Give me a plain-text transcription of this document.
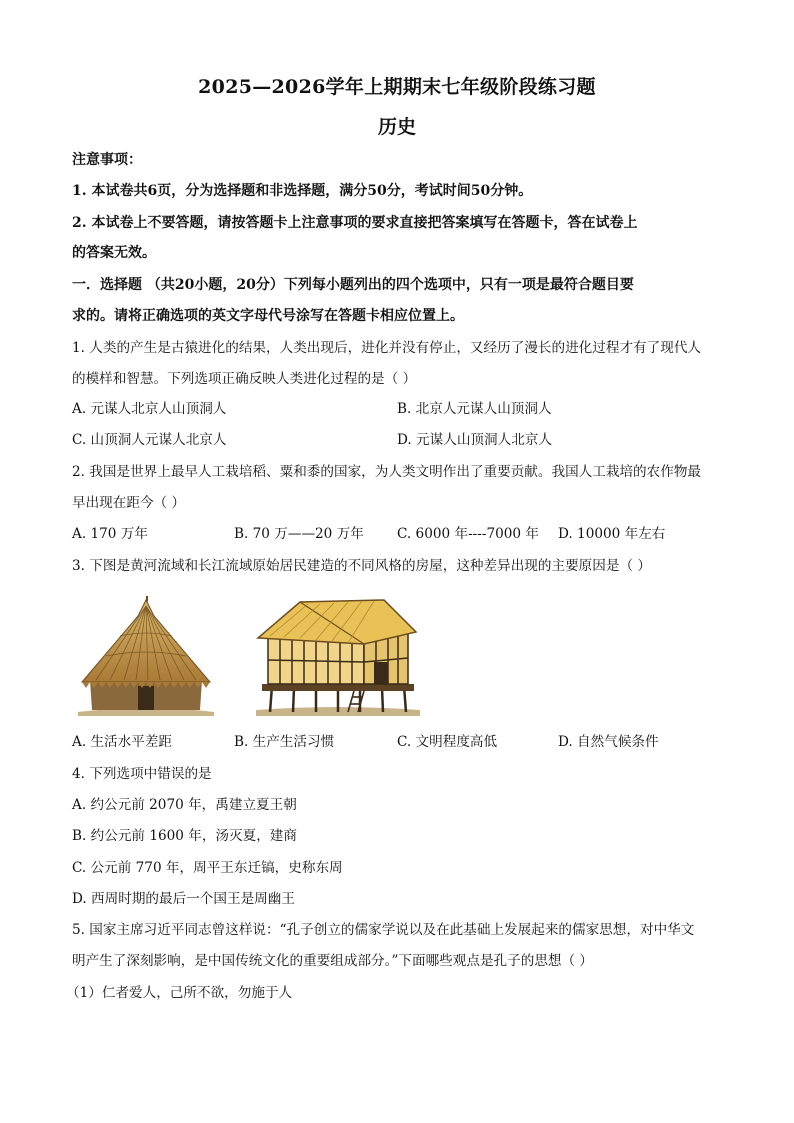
2025—2026学年上期期末七年级阶段练习题
历史
注意事项：
1. 本试卷共6页，分为选择题和非选择题，满分50分，考试时间50分钟。
2. 本试卷上不要答题，请按答题卡上注意事项的要求直接把答案填写在答题卡，答在试卷上
的答案无效。
一．选择题 （共20小题，20分）下列每小题列出的四个选项中，只有一项是最符合题目要
求的。请将正确选项的英文字母代号涂写在答题卡相应位置上。
1. 人类的产生是古猿进化的结果，人类出现后，进化并没有停止，又经历了漫长的进化过程才有了现代人
的模样和智慧。下列选项正确反映人类进化过程的是（ ）
A. 元谋人北京人山顶洞人	B. 北京人元谋人山顶洞人
C. 山顶洞人元谋人北京人	D. 元谋人山顶洞人北京人
2. 我国是世界上最早人工栽培稻、粟和黍的国家，为人类文明作出了重要贡献。我国人工栽培的农作物最
早出现在距今（ ）
A. 170 万年	B. 70 万——20 万年 C. 6000 年----7000 年 D. 10000 年左右
3. 下图是黄河流域和长江流域原始居民建造的不同风格的房屋，这种差异出现的主要原因是（ ）
A. 生活水平差距	B. 生产生活习惯	C. 文明程度高低	D. 自然气候条件
4. 下列选项中错误的是
A. 约公元前 2070 年，禹建立夏王朝
B. 约公元前 1600 年，汤灭夏，建商
C. 公元前 770 年，周平王东迁镐，史称东周
D. 西周时期的最后一个国王是周幽王
5. 国家主席习近平同志曾这样说：“孔子创立的儒家学说以及在此基础上发展起来的儒家思想，对中华文
明产生了深刻影响，是中国传统文化的重要组成部分。”下面哪些观点是孔子的思想（ ）
（1）仁者爱人，己所不欲，勿施于人
